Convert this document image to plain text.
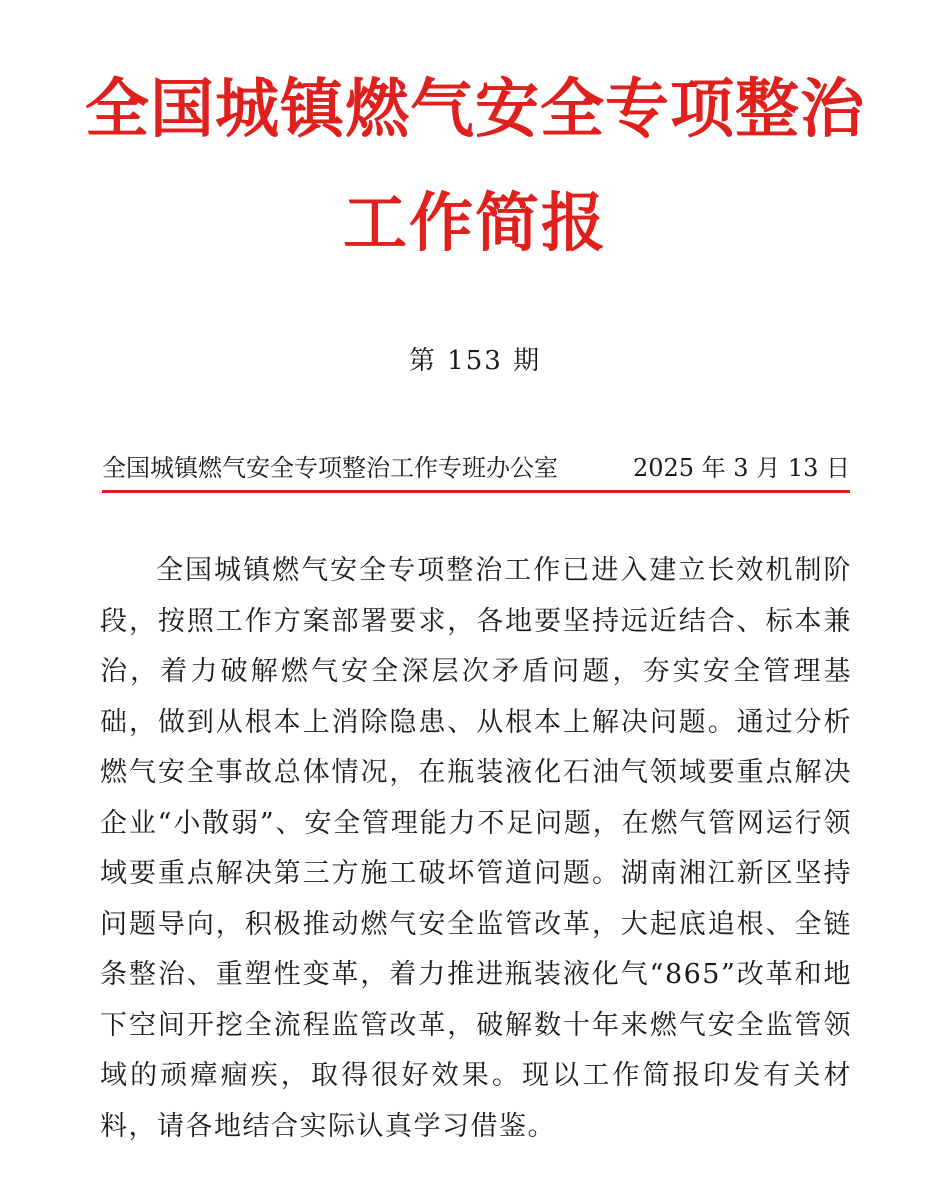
全国城镇燃气安全专项整治
工作简报
第 153 期
全国城镇燃气安全专项整治工作专班办公室	2025 年 3 月 13 日

全国城镇燃气安全专项整治工作已进入建立长效机制阶段，按照工作方案部署要求，各地要坚持远近结合、标本兼治，着力破解燃气安全深层次矛盾问题，夯实安全管理基础，做到从根本上消除隐患、从根本上解决问题。通过分析燃气安全事故总体情况，在瓶装液化石油气领域要重点解决企业“小散弱”、安全管理能力不足问题，在燃气管网运行领域要重点解决第三方施工破坏管道问题。湖南湘江新区坚持问题导向，积极推动燃气安全监管改革，大起底追根、全链条整治、重塑性变革，着力推进瓶装液化气“865”改革和地下空间开挖全流程监管改革，破解数十年来燃气安全监管领域的顽瘴痼疾，取得很好效果。现以工作简报印发有关材料，请各地结合实际认真学习借鉴。
